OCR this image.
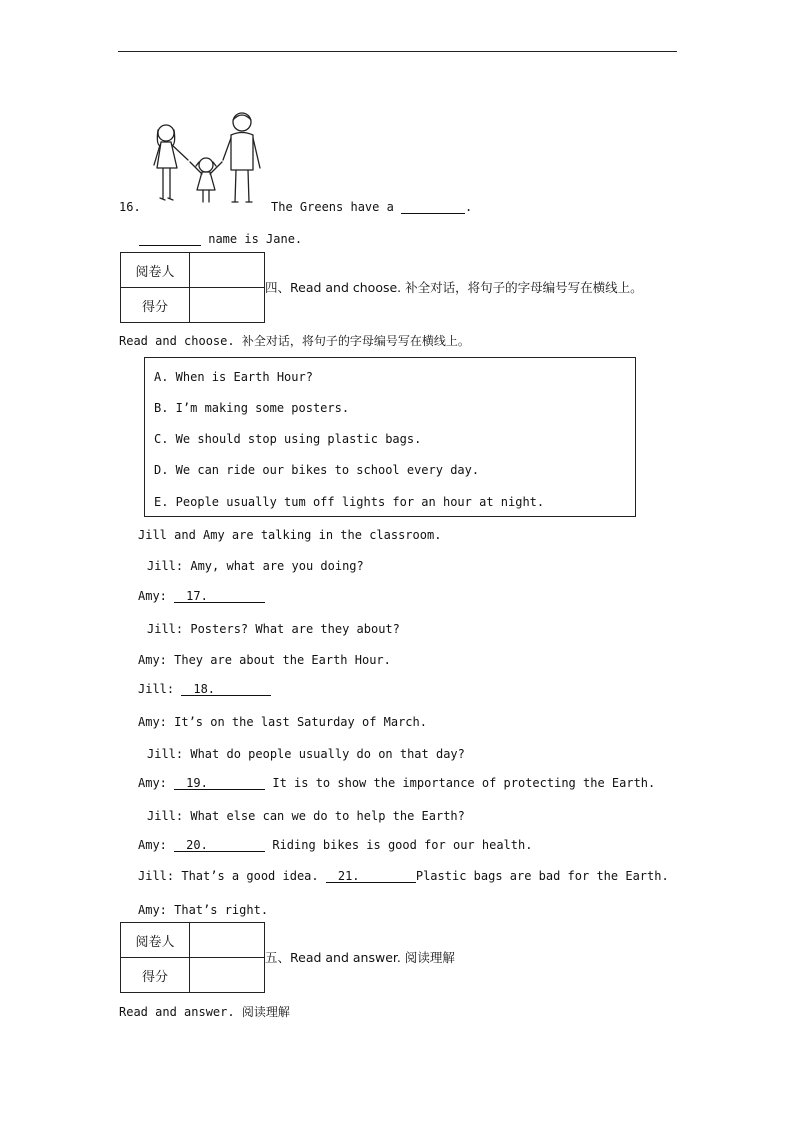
16.	The Greens have a	.
name is Jane.
阅卷人	
得分	
四、Read and choose. 补全对话，将句子的字母编号写在横线上。
Read and choose. 补全对话，将句子的字母编号写在横线上。
A. When is Earth Hour?
B. I’m making some posters.
C. We should stop using plastic bags.
D. We can ride our bikes to school every day.
E. People usually tum off lights for an hour at night.
Jill and Amy are talking in the classroom.
Jill: Amy, what are you doing?
Amy: 17.
Jill: Posters? What are they about?
Amy: They are about the Earth Hour.
Jill: 18.
Amy: It’s on the last Saturday of March.
Jill: What do people usually do on that day?
Amy: 19.	It is to show the importance of protecting the Earth.
Jill: What else can we do to help the Earth?
Amy: 20.	Riding bikes is good for our health.
Jill: That’s a good idea. 21.	Plastic bags are bad for the Earth.
Amy: That’s right.
阅卷人	
得分	
五、Read and answer. 阅读理解
Read and answer. 阅读理解
